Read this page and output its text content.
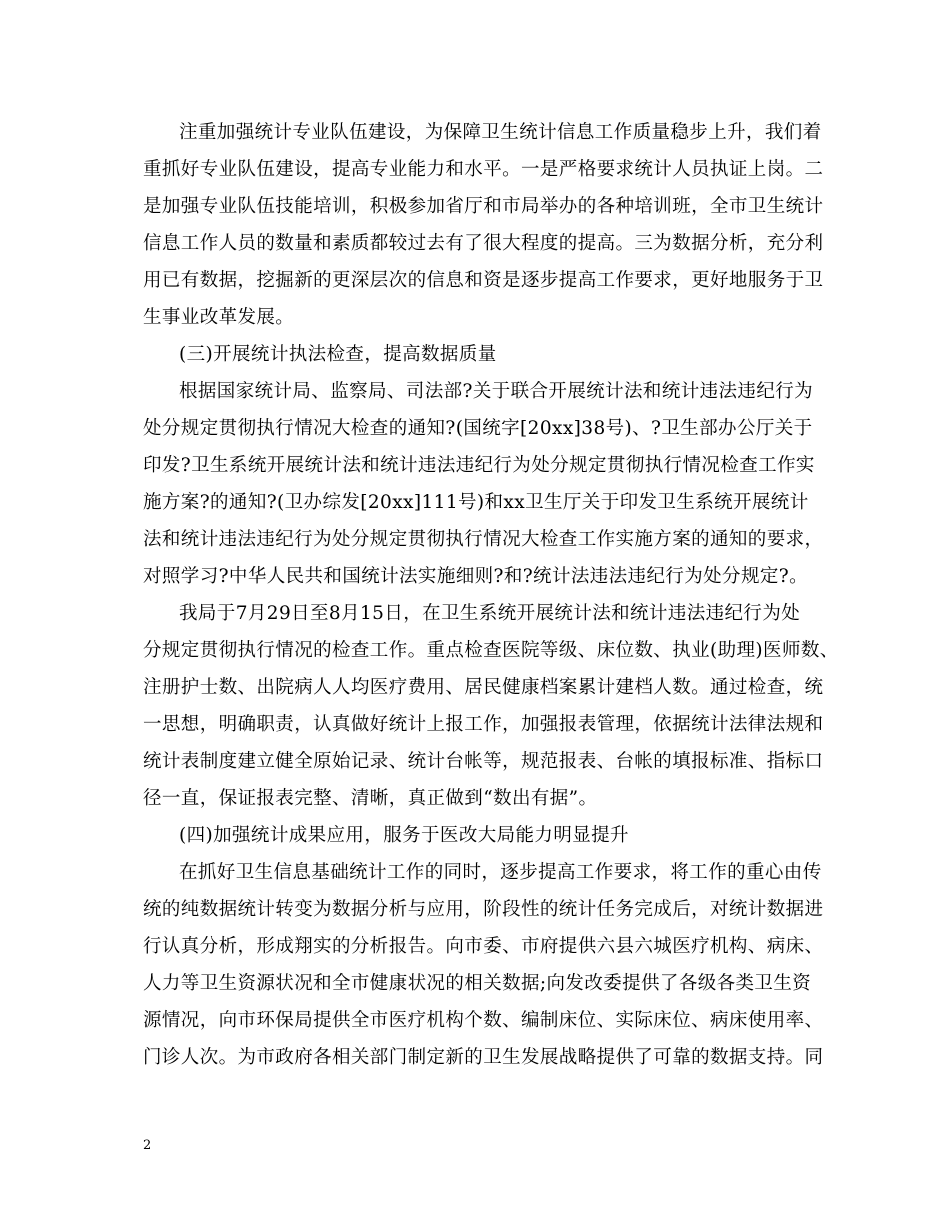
注重加强统计专业队伍建设，为保障卫生统计信息工作质量稳步上升，我们着
重抓好专业队伍建设，提高专业能力和水平。一是严格要求统计人员执证上岗。二
是加强专业队伍技能培训，积极参加省厅和市局举办的各种培训班，全市卫生统计
信息工作人员的数量和素质都较过去有了很大程度的提高。三为数据分析，充分利
用已有数据，挖掘新的更深层次的信息和资是逐步提高工作要求，更好地服务于卫
生事业改革发展。
(三)开展统计执法检查，提高数据质量
根据国家统计局、监察局、司法部?关于联合开展统计法和统计违法违纪行为
处分规定贯彻执行情况大检查的通知?(国统字[20xx]38号)、?卫生部办公厅关于
印发?卫生系统开展统计法和统计违法违纪行为处分规定贯彻执行情况检查工作实
施方案?的通知?(卫办综发[20xx]111号)和xx卫生厅关于印发卫生系统开展统计
法和统计违法违纪行为处分规定贯彻执行情况大检查工作实施方案的通知的要求，
对照学习?中华人民共和国统计法实施细则?和?统计法违法违纪行为处分规定?。
我局于7月29日至8月15日，在卫生系统开展统计法和统计违法违纪行为处
分规定贯彻执行情况的检查工作。重点检查医院等级、床位数、执业(助理)医师数、
注册护士数、出院病人人均医疗费用、居民健康档案累计建档人数。通过检查，统
一思想，明确职责，认真做好统计上报工作，加强报表管理，依据统计法律法规和
统计表制度建立健全原始记录、统计台帐等，规范报表、台帐的填报标准、指标口
径一直，保证报表完整、清晰，真正做到“数出有据”。
(四)加强统计成果应用，服务于医改大局能力明显提升
在抓好卫生信息基础统计工作的同时，逐步提高工作要求，将工作的重心由传
统的纯数据统计转变为数据分析与应用，阶段性的统计任务完成后，对统计数据进
行认真分析，形成翔实的分析报告。向市委、市府提供六县六城医疗机构、病床、
人力等卫生资源状况和全市健康状况的相关数据;向发改委提供了各级各类卫生资
源情况，向市环保局提供全市医疗机构个数、编制床位、实际床位、病床使用率、
门诊人次。为市政府各相关部门制定新的卫生发展战略提供了可靠的数据支持。同
2
